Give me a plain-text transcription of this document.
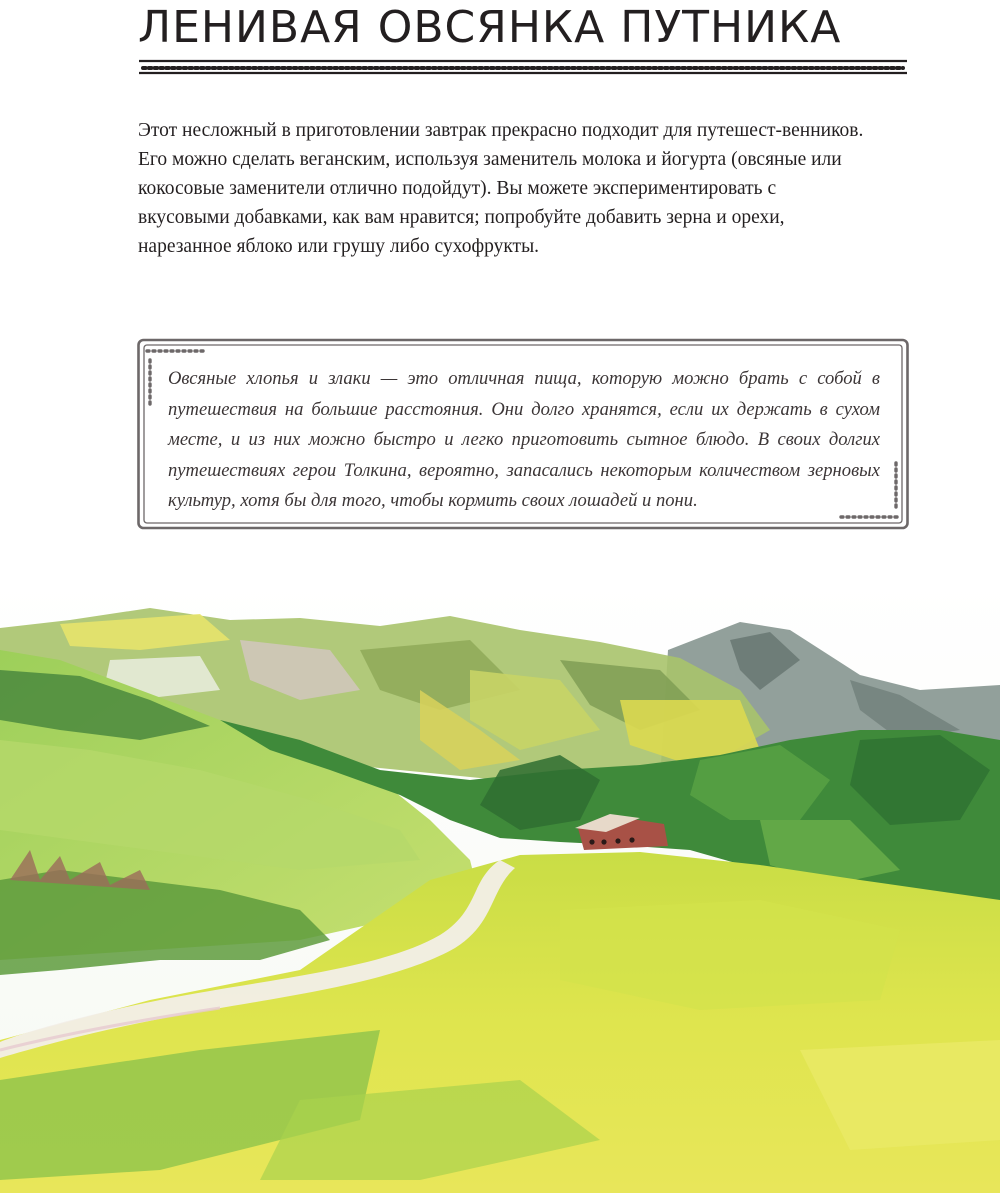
ЛЕНИВАЯ ОВСЯНКА ПУТНИКА

Этот несложный в приготовлении завтрак прекрасно подходит для путешест-венников. Его можно сделать веганским, используя заменитель молока и йогурта (овсяные или кокосовые заменители отлично подойдут). Вы можете экспериментировать с вкусовыми добавками, как вам нравится; попробуйте добавить зерна и орехи, нарезанное яблоко или грушу либо сухофрукты.

Овсяные хлопья и злаки — это отличная пища, которую можно брать с собой в путешествия на большие расстояния. Они долго хранятся, если их держать в сухом месте, и из них можно быстро и легко приготовить сытное блюдо. В своих долгих путешествиях герои Толкина, вероятно, запасались некоторым количеством зерновых культур, хотя бы для того, чтобы кормить своих лошадей и пони.
